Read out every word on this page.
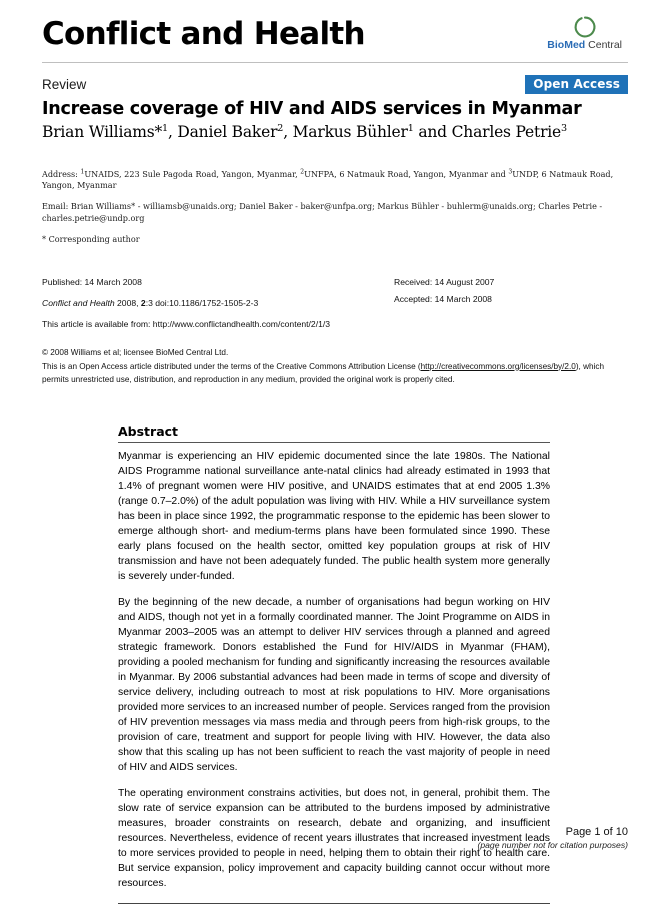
Conflict and Health	BioMed Central
Review	Open Access
Increase coverage of HIV and AIDS services in Myanmar
Brian Williams*$^1$, Daniel Baker$^2$, Markus Bühler$^1$ and Charles Petrie$^3$

Address: $^1$UNAIDS, 223 Sule Pagoda Road, Yangon, Myanmar, $^2$UNFPA, 6 Natmauk Road, Yangon, Myanmar and $^3$UNDP, 6 Natmauk Road, Yangon, Myanmar

Email: Brian Williams* - williamsb@unaids.org; Daniel Baker - baker@unfpa.org; Markus Bühler - buhlerm@unaids.org; Charles Petrie - charles.petrie@undp.org

* Corresponding author

Published: 14 March 2008
Conflict and Health 2008, 2:3 doi:10.1186/1752-1505-2-3
This article is available from: http://www.conflictandhealth.com/content/2/1/3
Received: 14 August 2007
Accepted: 14 March 2008
© 2008 Williams et al; licensee BioMed Central Ltd.
This is an Open Access article distributed under the terms of the Creative Commons Attribution License (http://creativecommons.org/licenses/by/2.0), which permits unrestricted use, distribution, and reproduction in any medium, provided the original work is properly cited.
Abstract

Myanmar is experiencing an HIV epidemic documented since the late 1980s. The National AIDS Programme national surveillance ante-natal clinics had already estimated in 1993 that 1.4% of pregnant women were HIV positive, and UNAIDS estimates that at end 2005 1.3% (range 0.7–2.0%) of the adult population was living with HIV. While a HIV surveillance system has been in place since 1992, the programmatic response to the epidemic has been slower to emerge although short- and medium-terms plans have been formulated since 1990. These early plans focused on the health sector, omitted key population groups at risk of HIV transmission and have not been adequately funded. The public health system more generally is severely under-funded.

By the beginning of the new decade, a number of organisations had begun working on HIV and AIDS, though not yet in a formally coordinated manner. The Joint Programme on AIDS in Myanmar 2003–2005 was an attempt to deliver HIV services through a planned and agreed strategic framework. Donors established the Fund for HIV/AIDS in Myanmar (FHAM), providing a pooled mechanism for funding and significantly increasing the resources available in Myanmar. By 2006 substantial advances had been made in terms of scope and diversity of service delivery, including outreach to most at risk populations to HIV. More organisations provided more services to an increased number of people. Services ranged from the provision of HIV prevention messages via mass media and through peers from high-risk groups, to the provision of care, treatment and support for people living with HIV. However, the data also show that this scaling up has not been sufficient to reach the vast majority of people in need of HIV and AIDS services.

The operating environment constrains activities, but does not, in general, prohibit them. The slow rate of service expansion can be attributed to the burdens imposed by administrative measures, broader constraints on research, debate and organizing, and insufficient resources. Nevertheless, evidence of recent years illustrates that increased investment leads to more services provided to people in need, helping them to obtain their right to health care. But service expansion, policy improvement and capacity building cannot occur without more resources.

Page 1 of 10
(page number not for citation purposes)
